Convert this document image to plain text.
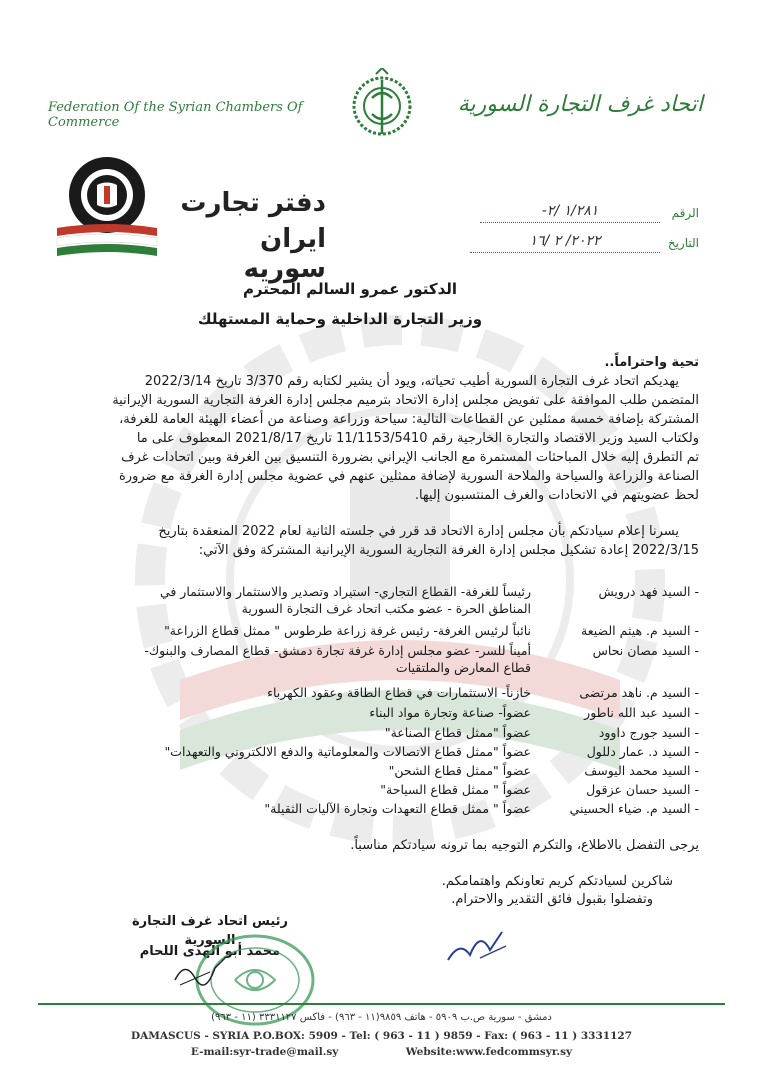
Federation Of the Syrian Chambers Of Commerce
اتحاد غرف التجارة السورية
دفتر تجارت
ایران سوریه
الرقم
١/٢٨١ /٢-
التاريخ
٢٠٢٢/ ٢ /١٦
الدكتور عمرو السالم المحترم
وزير التجارة الداخلية وحماية المستهلك
تحية واحتراماً..
يهديكم اتحاد غرف التجارة السورية أطيب تحياته، ويود أن يشير لكتابه رقم 3/370 تاريخ 2022/3/14
المتضمن طلب الموافقة على تفويض مجلس إدارة الاتحاد بترميم مجلس إدارة الغرفة التجارية السورية الإيرانية
المشتركة بإضافة خمسة ممثلين عن القطاعات التالية: سياحة وزراعة وصناعة من أعضاء الهيئة العامة للغرفة،
ولكتاب السيد وزير الاقتصاد والتجارة الخارجية رقم 11/1153/5410 تاريخ 2021/8/17 المعطوف على ما
تم التطرق إليه خلال المباحثات المستمرة مع الجانب الإيراني بضرورة التنسيق بين الغرفة وبين اتحادات غرف
الصناعة والزراعة والسياحة والملاحة السورية لإضافة ممثلين عنهم في عضوية مجلس إدارة الغرفة مع ضرورة
لحظ عضويتهم في الاتحادات والغرف المنتسبون إليها.
يسرنا إعلام سيادتكم بأن مجلس إدارة الاتحاد قد قرر في جلسته الثانية لعام 2022 المنعقدة بتاريخ
2022/3/15 إعادة تشكيل مجلس إدارة الغرفة التجارية السورية الإيرانية المشتركة وفق الآتي:
- السيد فهد درويش
رئيساً للغرفة- القطاع التجاري- استيراد وتصدير والاستثمار والاستثمار في
المناطق الحرة - عضو مكتب اتحاد غرف التجارة السورية
- السيد م. هيثم الضيعة
نائباً لرئيس الغرفة- رئيس غرفة زراعة طرطوس " ممثل قطاع الزراعة"
- السيد مصان نحاس
أميناً للسر- عضو مجلس إدارة غرفة تجارة دمشق- قطاع المصارف والبنوك-
قطاع المعارض والملتقيات
- السيد م. ناهد مرتضى
خازناً- الاستثمارات في قطاع الطاقة وعقود الكهرباء
- السيد عبد الله ناطور
عضواً- صناعة وتجارة مواد البناء
- السيد جورج داوود
عضواً "ممثل قطاع الصناعة"
- السيد د. عمار دللول
عضواً "ممثل قطاع الاتصالات والمعلوماتية والدفع الالكتروني والتعهدات"
- السيد محمد اليوسف
عضواً "ممثل قطاع الشحن"
- السيد حسان عزقول
عضواً " ممثل قطاع السياحة"
- السيد م. ضياء الحسيني
عضواً " ممثل قطاع التعهدات وتجارة الآليات الثقيلة"
يرجى التفضل بالاطلاع، والتكرم التوجيه بما ترونه سيادتكم مناسباً.
شاكرين لسيادتكم كريم تعاونكم واهتمامكم.
وتفضلوا بقبول فائق التقدير والاحترام.
رئيس اتحاد غرف التجارة السورية
محمد أبو الهدى اللحام
دمشق - سورية ص.ب ٥٩٠٩ - هاتف ٩٨٥٩(١١ - ٩٦٣) - فاكس ٣٣٣١١٢٧ (١١ - ٩٦٣)
DAMASCUS - SYRIA P.O.BOX: 5909 - Tel: ( 963 - 11 ) 9859 - Fax: ( 963 - 11 ) 3331127
E-mail:syr-trade@mail.sy	Website:www.fedcommsyr.sy
